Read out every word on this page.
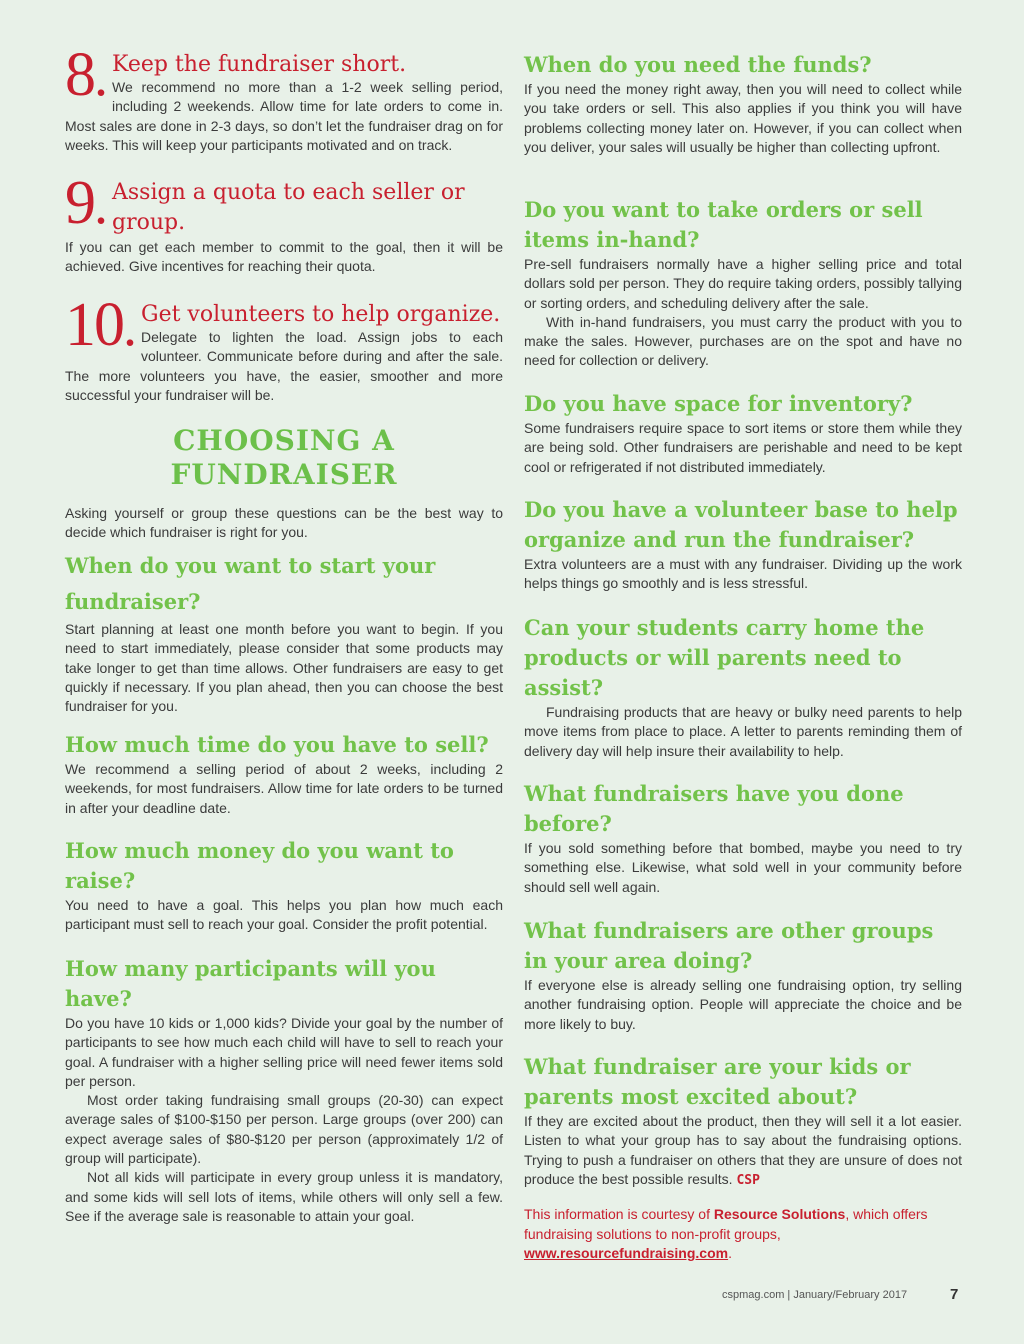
8. Keep the fundraiser short.

We recommend no more than a 1-2 week selling period, including 2 weekends. Allow time for late orders to come in. Most sales are done in 2-3 days, so don’t let the fundraiser drag on for weeks. This will keep your participants motivated and on track.

9. Assign a quota to each seller or group.

If you can get each member to commit to the goal, then it will be achieved. Give incentives for reaching their quota.

10. Get volunteers to help organize.

Delegate to lighten the load. Assign jobs to each volunteer. Communicate before during and after the sale. The more volunteers you have, the easier, smoother and more successful your fundraiser will be.

CHOOSING A
FUNDRAISER

Asking yourself or group these questions can be the best way to decide which fundraiser is right for you.

When do you want to start your fundraiser?

Start planning at least one month before you want to begin. If you need to start immediately, please consider that some products may take longer to get than time allows. Other fundraisers are easy to get quickly if necessary. If you plan ahead, then you can choose the best fundraiser for you.

How much time do you have to sell?

We recommend a selling period of about 2 weeks, including 2 weekends, for most fundraisers. Allow time for late orders to be turned in after your deadline date.

How much money do you want to raise?

You need to have a goal. This helps you plan how much each participant must sell to reach your goal. Consider the profit potential.

How many participants will you have?

Do you have 10 kids or 1,000 kids? Divide your goal by the number of participants to see how much each child will have to sell to reach your goal. A fundraiser with a higher selling price will need fewer items sold per person.

Most order taking fundraising small groups (20-30) can expect average sales of $100-$150 per person. Large groups (over 200) can expect average sales of $80-$120 per person (approximately 1/2 of group will participate).

Not all kids will participate in every group unless it is mandatory, and some kids will sell lots of items, while others will only sell a few. See if the average sale is reasonable to attain your goal.

When do you need the funds?

If you need the money right away, then you will need to collect while you take orders or sell. This also applies if you think you will have problems collecting money later on. However, if you can collect when you deliver, your sales will usually be higher than collecting upfront.

Do you want to take orders or sell items in-hand?

Pre-sell fundraisers normally have a higher selling price and total dollars sold per person. They do require taking orders, possibly tallying or sorting orders, and scheduling delivery after the sale.

With in-hand fundraisers, you must carry the product with you to make the sales. However, purchases are on the spot and have no need for collection or delivery.

Do you have space for inventory?

Some fundraisers require space to sort items or store them while they are being sold. Other fundraisers are perishable and need to be kept cool or refrigerated if not distributed immediately.

Do you have a volunteer base to help organize and run the fundraiser?

Extra volunteers are a must with any fundraiser. Dividing up the work helps things go smoothly and is less stressful.

Can your students carry home the products or will parents need to assist?

Fundraising products that are heavy or bulky need parents to help move items from place to place. A letter to parents reminding them of delivery day will help insure their availability to help.

What fundraisers have you done before?

If you sold something before that bombed, maybe you need to try something else. Likewise, what sold well in your community before should sell well again.

What fundraisers are other groups in your area doing?

If everyone else is already selling one fundraising option, try selling another fundraising option. People will appreciate the choice and be more likely to buy.

What fundraiser are your kids or parents most excited about?

If they are excited about the product, then they will sell it a lot easier. Listen to what your group has to say about the fundraising options. Trying to push a fundraiser on others that they are unsure of does not produce the best possible results. CSP

This information is courtesy of Resource Solutions, which offers fundraising solutions to non-profit groups, www.resourcefundraising.com.
cspmag.com | January/February 2017	7
